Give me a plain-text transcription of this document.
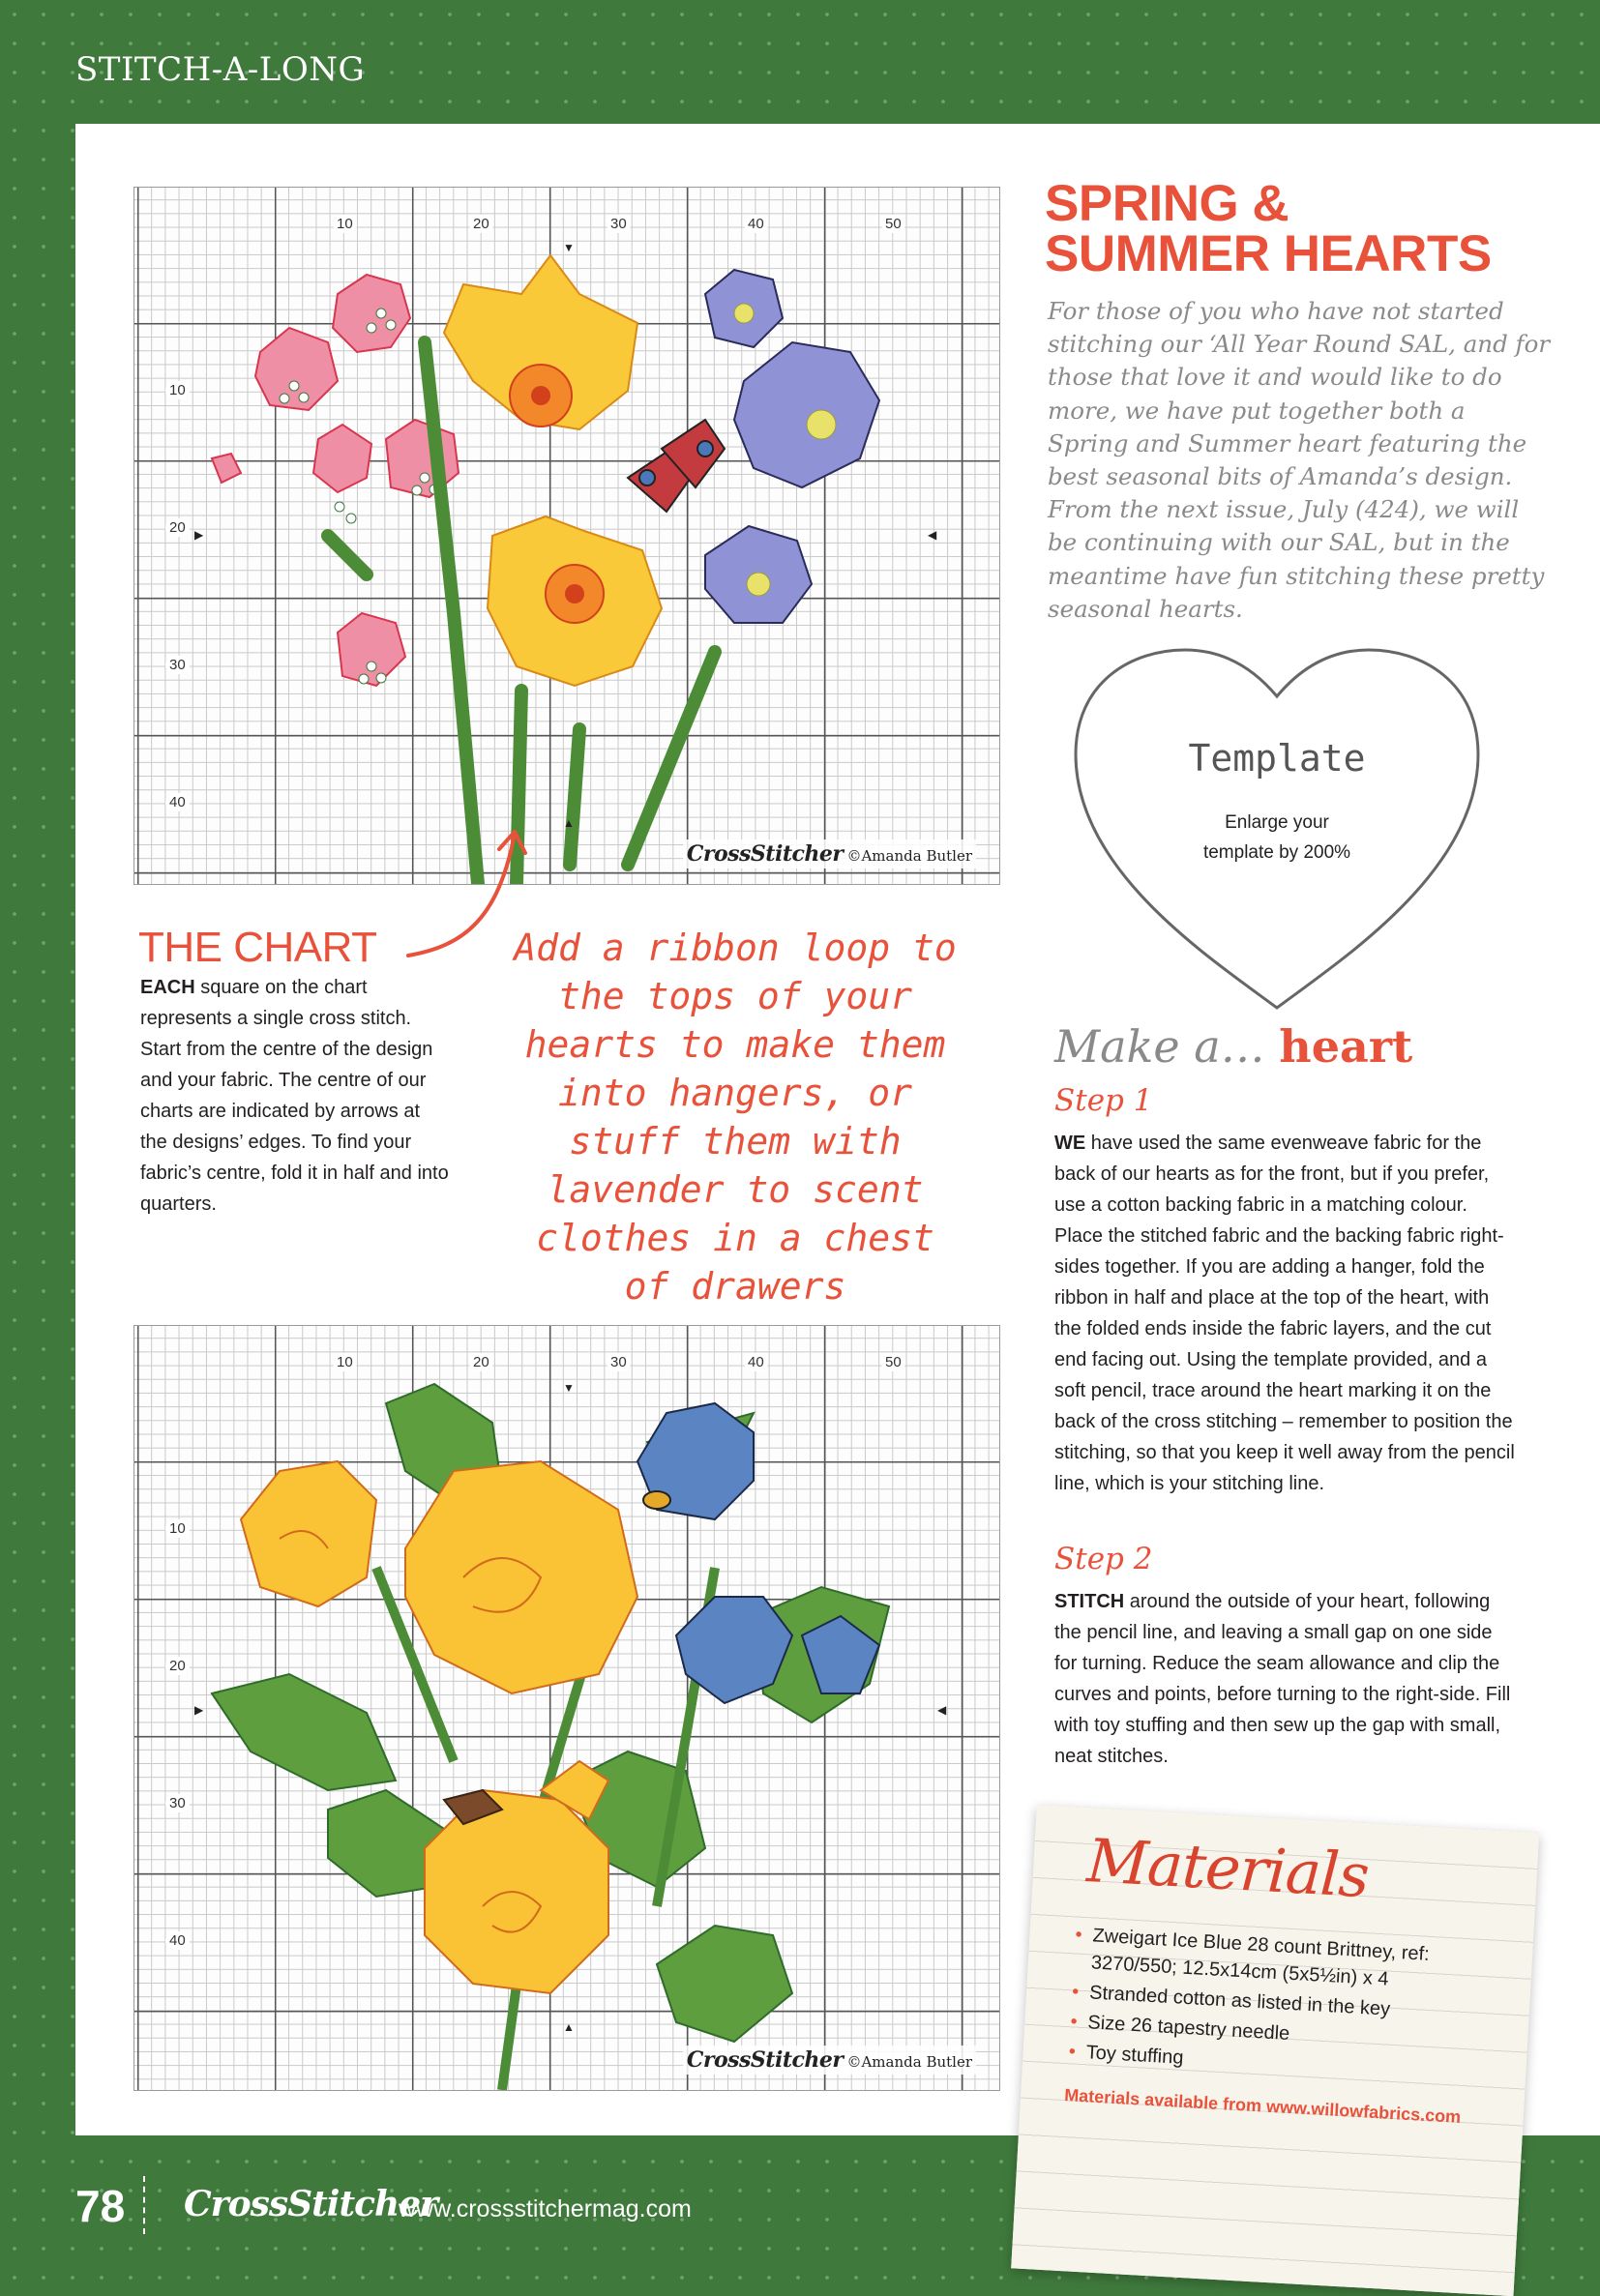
STITCH-A-LONG
10	20	30	40	50
10
20
30
40
▼
▲
▶	◀
CrossStitcher ©Amanda Butler
10	20	30	40	50
10
20
30
40
▼
▲
▶	◀
CrossStitcher ©Amanda Butler
SPRING &
SUMMER HEARTS
For those of you who have not started stitching our ‘All Year Round SAL, and for those that love it and would like to do more, we have put together both a Spring and Summer heart featuring the best seasonal bits of Amanda’s design. From the next issue, July (424), we will be continuing with our SAL, but in the meantime have fun stitching these pretty seasonal hearts.
Template
Enlarge your
template by 200%
Make a… heart
Step 1
WE have used the same evenweave fabric for the back of our hearts as for the front, but if you prefer, use a cotton backing fabric in a matching colour. Place the stitched fabric and the backing fabric right-sides together. If you are adding a hanger, fold the ribbon in half and place at the top of the heart, with the folded ends inside the fabric layers, and the cut end facing out. Using the template provided, and a soft pencil, trace around the heart marking it on the back of the cross stitching – remember to position the stitching, so that you keep it well away from the pencil line, which is your stitching line.
Step 2
STITCH around the outside of your heart, following the pencil line, and leaving a small gap on one side for turning. Reduce the seam allowance and clip the curves and points, before turning to the right-side. Fill with toy stuffing and then sew up the gap with small, neat stitches.
THE CHART
EACH square on the chart represents a single cross stitch. Start from the centre of the design and your fabric. The centre of our charts are indicated by arrows at the designs’ edges. To find your fabric’s centre, fold it in half and into quarters.
Add a ribbon loop to the tops of your hearts to make them into hangers, or stuff them with lavender to scent clothes in a chest of drawers
Materials
• Zweigart Ice Blue 28 count Brittney, ref: 3270/550; 12.5x14cm (5x5½in) x 4
• Stranded cotton as listed in the key
• Size 26 tapestry needle
• Toy stuffing
Materials available from www.willowfabrics.com
78 CrossStitcher
www.crossstitchermag.com
